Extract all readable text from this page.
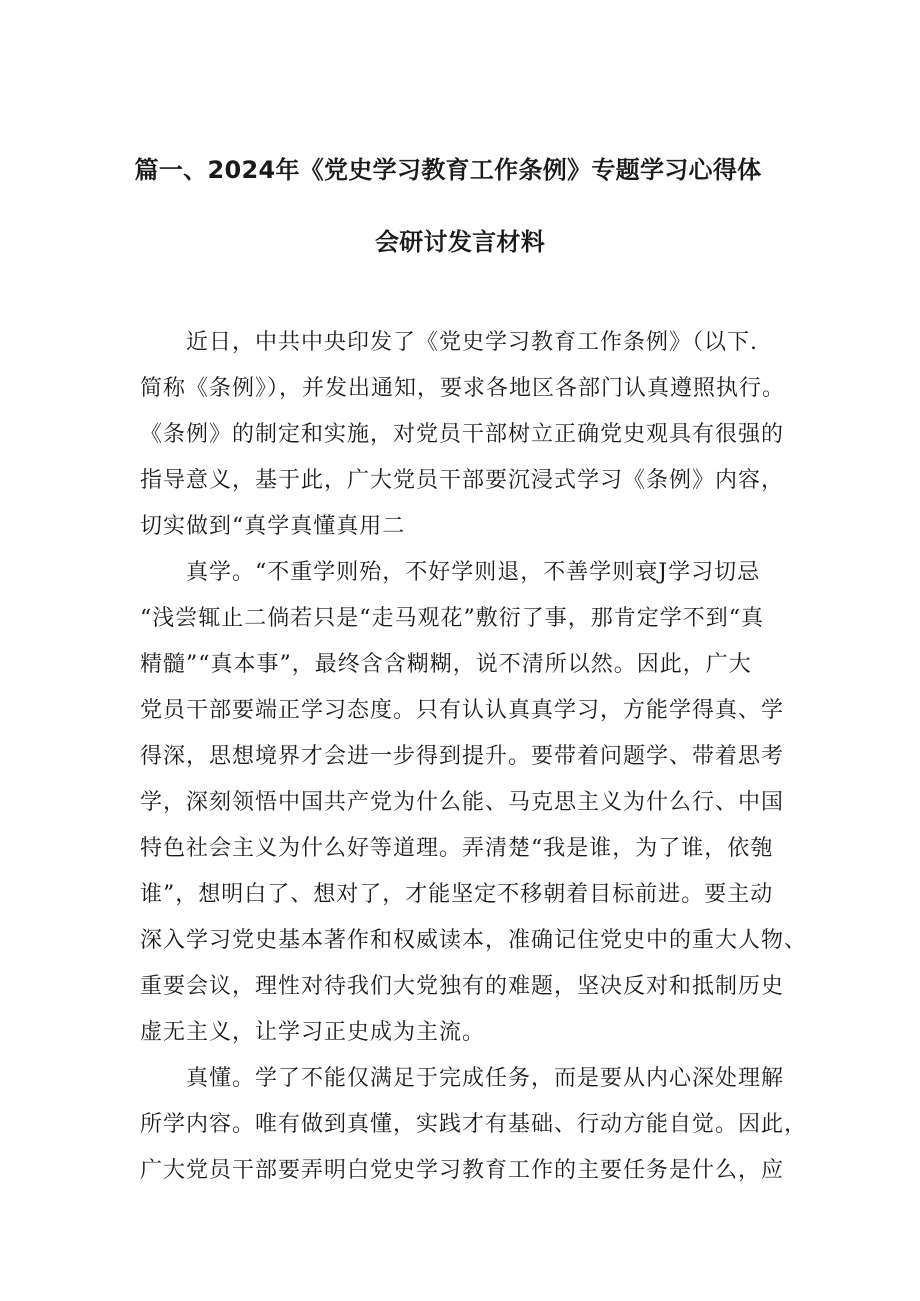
篇一、2024年《党史学习教育工作条例》专题学习心得体
会研讨发言材料
近日，中共中央印发了《党史学习教育工作条例》（以下.
简称《条例》），并发出通知，要求各地区各部门认真遵照执行。
《条例》的制定和实施，对党员干部树立正确党史观具有很强的
指导意义，基于此，广大党员干部要沉浸式学习《条例》内容，
切实做到“真学真懂真用二
真学。“不重学则殆，不好学则退，不善学则衰J学习切忌
“浅尝辄止二倘若只是“走马观花”敷衍了事，那肯定学不到“真
精髓”“真本事”，最终含含糊糊，说不清所以然。因此，广大
党员干部要端正学习态度。只有认认真真学习，方能学得真、学
得深，思想境界才会进一步得到提升。要带着问题学、带着思考
学，深刻领悟中国共产党为什么能、马克思主义为什么行、中国
特色社会主义为什么好等道理。弄清楚“我是谁，为了谁，依匏
谁”，想明白了、想对了，才能坚定不移朝着目标前进。要主动
深入学习党史基本著作和权威读本，准确记住党史中的重大人物、
重要会议，理性对待我们大党独有的难题，坚决反对和抵制历史
虚无主义，让学习正史成为主流。
真懂。学了不能仅满足于完成任务，而是要从内心深处理解
所学内容。唯有做到真懂，实践才有基础、行动方能自觉。因此，
广大党员干部要弄明白党史学习教育工作的主要任务是什么，应
